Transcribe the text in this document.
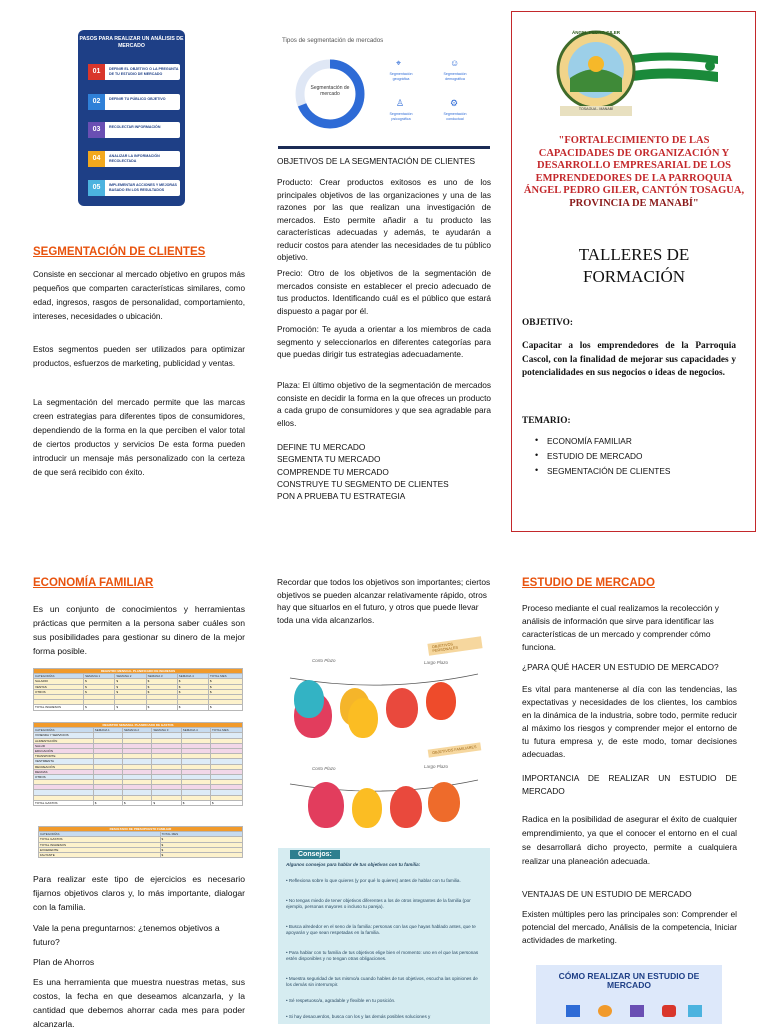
PASOS PARA REALIZAR UN ANÁLISIS DE MERCADO
01	DEFINIR EL OBJETIVO O LA PREGUNTA DE TU ESTUDIO DE MERCADO
02	DEFINIR TU PÚBLICO OBJETIVO
03	RECOLECTAR INFORMACIÓN
04	ANALIZAR LA INFORMACIÓN RECOLECTADA
05	IMPLEMENTAR ACCIONES Y MEJORAS BASADO EN LOS RESULTADOS
Tipos de segmentación de mercados
Segmentación de mercado
⌖
Segmentación geográfica
☺
Segmentación demográfica
♙
Segmentación psicográfica
⚙
Segmentación conductual
SEGMENTACIÓN DE CLIENTES

Consiste en seccionar al mercado objetivo en grupos más pequeños que comparten características similares, como edad, ingresos, rasgos de personalidad, comportamiento, intereses, necesidades o ubicación.

Estos segmentos pueden ser utilizados para optimizar productos, esfuerzos de marketing, publicidad y ventas.

La segmentación del mercado permite que las marcas creen estrategias para diferentes tipos de consumidores, dependiendo de la forma en la que perciben el valor total de ciertos productos y servicios De esta forma pueden introducir un mensaje más personalizado con la certeza de que será recibido con éxito.

ECONOMÍA FAMILIAR

Es un conjunto de conocimientos y herramientas prácticas que permiten a la persona saber cuáles son sus posibilidades para gestionar su dinero de la mejor forma posible.

REGISTRO MENSUAL PLANIFICADO DE INGRESOS					
CATEGORÍAS	SEMANA 1	SEMANA 2	SEMANA 3	SEMANA 4	TOTAL MES
SALARIO	$	$	$	$	$
VENTAS	$	$	$	$	$
OTROS	$	$	$	$	$

TOTAL INGRESOS	$	$	$	$	$
REGISTRO SEMANAL PLANIFICADO DE GASTOS					
CATEGORÍAS	SEMANA 1	SEMANA 2	SEMANA 3	SEMANA 4	TOTAL MES
VIVIENDA Y SERVICIOS					
ALIMENTACIÓN					
SALUD					
EDUCACIÓN					
TRANSPORTE					
VESTIMENTA					
RECREACIÓN					
DEUDAS					
OTROS					

TOTAL GASTOS	$	$	$	$	$
RESULTADO DE PRESUPUESTO FAMILIAR	
CATEGORÍAS	TOTAL MES
TOTAL GASTOS	$
TOTAL INGRESOS	$
EXCEDENTE	$
FALTANTE	$

Para realizar este tipo de ejercicios es necesario fijarnos objetivos claros y, lo más importante, dialogar con la familia.

Vale la pena preguntarnos: ¿tenemos objetivos a futuro?

Plan de Ahorros

Es una herramienta que muestra nuestras metas, sus costos, la fecha en que deseamos alcanzarla, y la cantidad que debemos ahorrar cada mes para poder alcanzarla.

OBJETIVOS DE LA SEGMENTACIÓN DE CLIENTES

Producto: Crear productos exitosos es uno de los principales objetivos de las organizaciones y una de las razones por las que realizan una investigación de mercados. Esto permite añadir a tu producto las características adecuadas y además, te ayudarán a reducir costos para atender las necesidades de tu público objetivo.

Precio: Otro de los objetivos de la segmentación de mercados consiste en establecer el precio adecuado de tus productos. Identificando cuál es el público que estará dispuesto a pagar por él.

Promoción: Te ayuda a orientar a los miembros de cada segmento y seleccionarlos en diferentes categorías para que puedas dirigir tus estrategias adecuadamente.

Plaza: El último objetivo de la segmentación de mercados consiste en decidir la forma en la que ofreces un producto a cada grupo de consumidores y que sea agradable para ellos.

DEFINE TU MERCADO
SEGMENTA TU MERCADO
COMPRENDE TU MERCADO
CONSTRUYE TU SEGMENTO DE CLIENTES
PON A PRUEBA TU ESTRATEGIA

Recordar que todos los objetivos son importantes; ciertos objetivos se pueden alcanzar relativamente rápido, otros hay que situarlos en el futuro, y otros que puede llevar toda una vida alcanzarlos.

OBJETIVOS PERSONALES
Corto Plazo	Largo Plazo
OBJETIVOS FAMILIARES
Corto Plazo	Largo Plazo
Consejos:
Algunos consejos para hablar de tus objetivos con tu familia:
• Reflexiona sobre lo que quieres (y por qué lo quieres) antes de hablar con tu familia.
• No tengas miedo de tener objetivos diferentes a los de otros integrantes de la familia (por ejemplo, personas mayores o incluso tu pareja).
• Busca alrededor en el seno de la familia: personas con las que hayas hablado antes, que te apoyarán y que sean respetadas en la familia.
• Para hablar con tu familia de tus objetivos elige bien el momento: uno en el que las personas estén disponibles y no tengan otras obligaciones.
• Muestra seguridad de tus mismo/a cuando hables de tus objetivos, escucha las opiniones de los demás sin interrumpir.
• Sé respetuoso/a, agradable y flexible en tu posición.
• Si hay desacuerdos, busca con los y las demás posibles soluciones y
ESTUDIO DE MERCADO

Proceso mediante el cual realizamos la recolección y análisis de información que sirve para identificar las características de un mercado y comprender cómo funciona.

¿PARA QUÉ HACER UN ESTUDIO DE MERCADO?

Es vital para mantenerse al día con las tendencias, las expectativas y necesidades de los clientes, los cambios en la dinámica de la industria, sobre todo, permite reducir al máximo los riesgos y comprender mejor el entorno de tu futura empresa y, de este modo, tomar decisiones adecuadas.

IMPORTANCIA DE REALIZAR UN ESTUDIO DE MERCADO

Radica en la posibilidad de asegurar el éxito de cualquier emprendimiento, ya que el conocer el entorno en el cual se desarrollará dicho proyecto, permite a cualquiera realizar una planeación adecuada.

VENTAJAS DE UN ESTUDIO DE MERCADO

Existen múltiples pero las principales son: Comprender el potencial del mercado, Análisis de la competencia, Iniciar actividades de marketing.

CÓMO REALIZAR UN ESTUDIO DE MERCADO
ÁNGEL PEDRO GILER
TOSAGUA - MANABÍ
"FORTALECIMIENTO DE LAS CAPACIDADES DE ORGANIZACIÓN Y DESARROLLO EMPRESARIAL DE LOS EMPRENDEDORES DE LA PARROQUIA ÁNGEL PEDRO GILER, CANTÓN TOSAGUA, PROVINCIA DE MANABÍ"
TALLERES DE FORMACIÓN
OBJETIVO:

Capacitar a los emprendedores de la Parroquia Cascol, con la finalidad de mejorar sus capacidades y potencialidades en sus negocios o ideas de negocios.

TEMARIO:
• ECONOMÍA FAMILIAR
• ESTUDIO DE MERCADO
• SEGMENTACIÓN DE CLIENTES
